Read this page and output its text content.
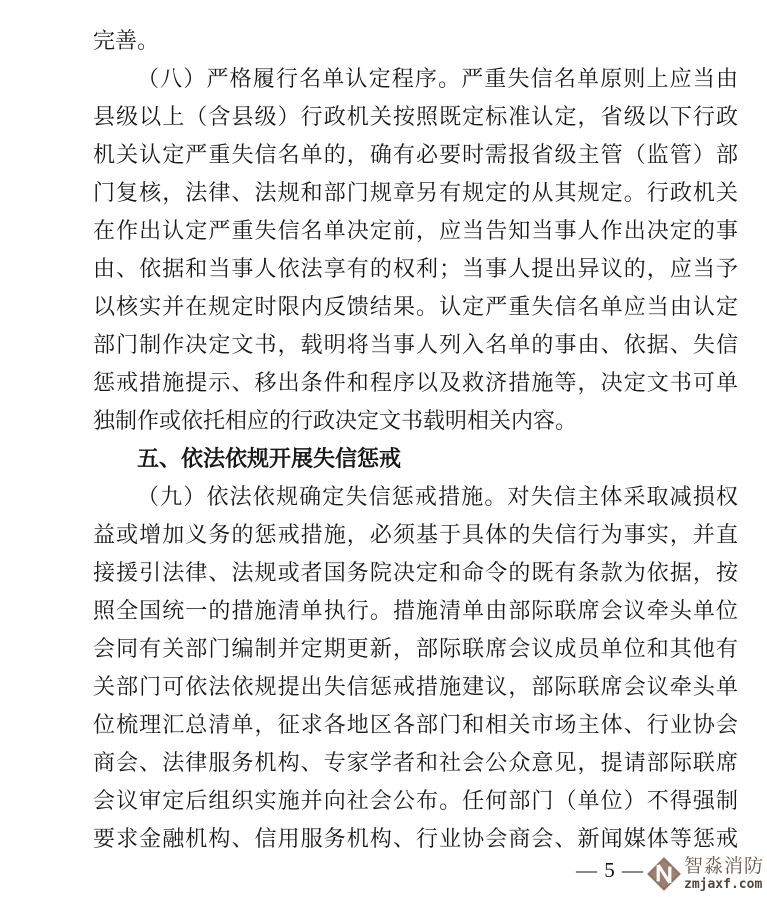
完善。
（八）严格履行名单认定程序。严重失信名单原则上应当由
县级以上（含县级）行政机关按照既定标准认定，省级以下行政
机关认定严重失信名单的，确有必要时需报省级主管（监管）部
门复核，法律、法规和部门规章另有规定的从其规定。行政机关
在作出认定严重失信名单决定前，应当告知当事人作出决定的事
由、依据和当事人依法享有的权利；当事人提出异议的，应当予
以核实并在规定时限内反馈结果。认定严重失信名单应当由认定
部门制作决定文书，载明将当事人列入名单的事由、依据、失信
惩戒措施提示、移出条件和程序以及救济措施等，决定文书可单
独制作或依托相应的行政决定文书载明相关内容。
五、依法依规开展失信惩戒
（九）依法依规确定失信惩戒措施。对失信主体采取减损权
益或增加义务的惩戒措施，必须基于具体的失信行为事实，并直
接援引法律、法规或者国务院决定和命令的既有条款为依据，按
照全国统一的措施清单执行。措施清单由部际联席会议牵头单位
会同有关部门编制并定期更新，部际联席会议成员单位和其他有
关部门可依法依规提出失信惩戒措施建议，部际联席会议牵头单
位梳理汇总清单，征求各地区各部门和相关市场主体、行业协会
商会、法律服务机构、专家学者和社会公众意见，提请部际联席
会议审定后组织实施并向社会公布。任何部门（单位）不得强制
要求金融机构、信用服务机构、行业协会商会、新闻媒体等惩戒
— 5 — 智淼消防
zmjaxf.com
